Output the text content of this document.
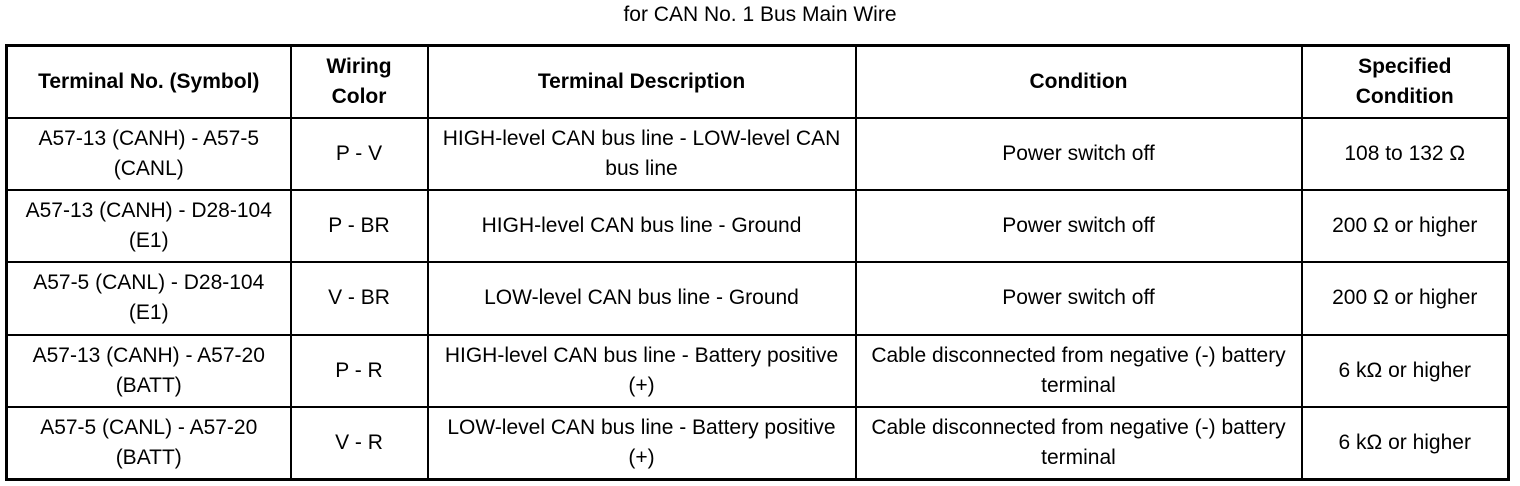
for CAN No. 1 Bus Main Wire
Terminal No. (Symbol)	Wiring Color	Terminal Description	Condition	Specified Condition
A57-13 (CANH) - A57-5 (CANL)	P - V	HIGH-level CAN bus line - LOW-level CAN bus line	Power switch off	108 to 132 Ω
A57-13 (CANH) - D28-104 (E1)	P - BR	HIGH-level CAN bus line - Ground	Power switch off	200 Ω or higher
A57-5 (CANL) - D28-104 (E1)	V - BR	LOW-level CAN bus line - Ground	Power switch off	200 Ω or higher
A57-13 (CANH) - A57-20 (BATT)	P - R	HIGH-level CAN bus line - Battery positive (+)	Cable disconnected from negative (-) battery terminal	6 kΩ or higher
A57-5 (CANL) - A57-20 (BATT)	V - R	LOW-level CAN bus line - Battery positive (+)	Cable disconnected from negative (-) battery terminal	6 kΩ or higher
